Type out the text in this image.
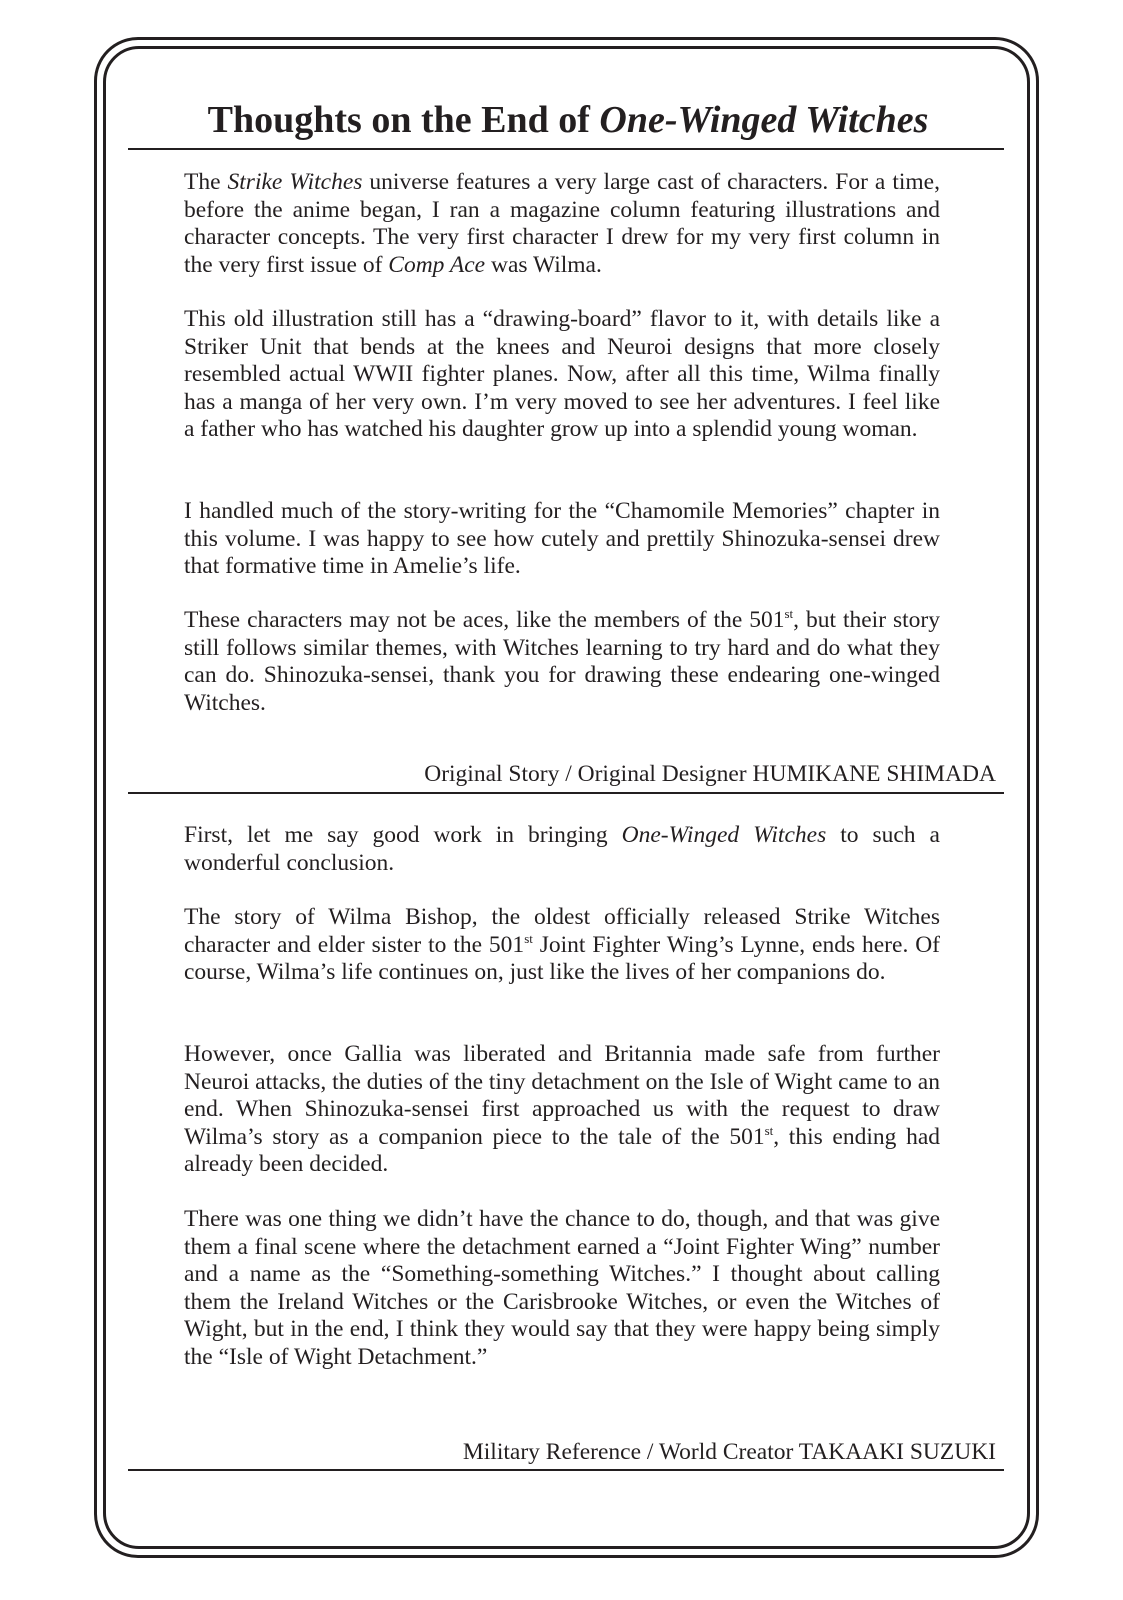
Thoughts on the End of One-Winged Witches

The Strike Witches universe features a very large cast of characters. For a time, before the anime began, I ran a magazine column featuring illustrations and character concepts. The very first character I drew for my very first column in the very first issue of Comp Ace was Wilma.

This old illustration still has a “drawing-board” flavor to it, with details like a Striker Unit that bends at the knees and Neuroi designs that more closely resembled actual WWII fighter planes. Now, after all this time, Wilma finally has a manga of her very own. I’m very moved to see her adventures. I feel like a father who has watched his daughter grow up into a splendid young woman.

I handled much of the story-writing for the “Chamomile Memories” chapter in this volume. I was happy to see how cutely and prettily Shinozuka-sensei drew that formative time in Amelie’s life.

These characters may not be aces, like the members of the 501st, but their story still follows similar themes, with Witches learning to try hard and do what they can do. Shinozuka-sensei, thank you for drawing these endearing one-winged Witches.

Original Story / Original Designer HUMIKANE SHIMADA

First, let me say good work in bringing One-Winged Witches to such a wonderful conclusion.

The story of Wilma Bishop, the oldest officially released Strike Witches character and elder sister to the 501st Joint Fighter Wing’s Lynne, ends here. Of course, Wilma’s life continues on, just like the lives of her companions do.

However, once Gallia was liberated and Britannia made safe from further Neuroi attacks, the duties of the tiny detachment on the Isle of Wight came to an end. When Shinozuka-sensei first approached us with the request to draw Wilma’s story as a companion piece to the tale of the 501st, this ending had already been decided.

There was one thing we didn’t have the chance to do, though, and that was give them a final scene where the detachment earned a “Joint Fighter Wing” number and a name as the “Something-something Witches.” I thought about calling them the Ireland Witches or the Carisbrooke Witches, or even the Witches of Wight, but in the end, I think they would say that they were happy being simply the “Isle of Wight Detachment.”

Military Reference / World Creator TAKAAKI SUZUKI
